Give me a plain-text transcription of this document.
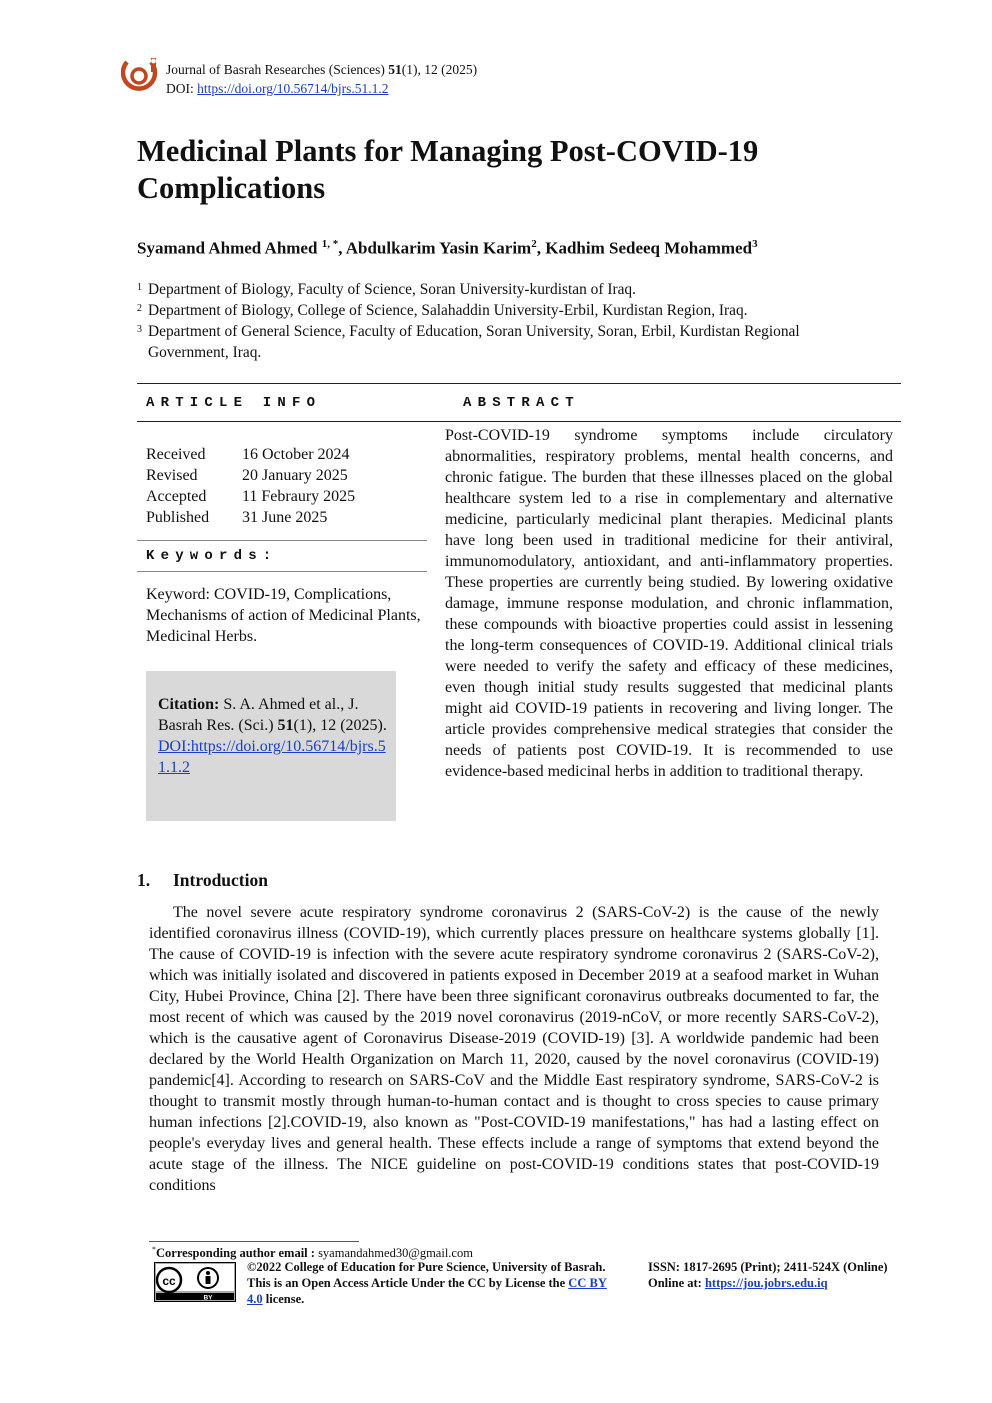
Journal of Basrah Researches (Sciences) 51(1), 12 (2025)
DOI: https://doi.org/10.56714/bjrs.51.1.2
Medicinal Plants for Managing Post-COVID-19 Complications
Syamand Ahmed Ahmed $^{1, *}$, Abdulkarim Yasin Karim$^2$, Kadhim Sedeeq Mohammed$^3$
1 Department of Biology, Faculty of Science, Soran University-kurdistan of Iraq.
2 Department of Biology, College of Science, Salahaddin University-Erbil, Kurdistan Region, Iraq.
3 Department of General Science, Faculty of Education, Soran University, Soran, Erbil, Kurdistan Regional Government, Iraq.
ARTICLE INFO	ABSTRACT
Received	16 October 2024
Revised	20 January 2025
Accepted	11 Febraury 2025
Published	31 June 2025
Keywords:
Keyword: COVID-19, Complications, Mechanisms of action of Medicinal Plants, Medicinal Herbs.
Citation: S. A. Ahmed et al., J. Basrah Res. (Sci.) 51(1), 12 (2025).
DOI:https://doi.org/10.56714/bjrs.51.1.2
Post-COVID-19 syndrome symptoms include circulatory abnormalities, respiratory problems, mental health concerns, and chronic fatigue. The burden that these illnesses placed on the global healthcare system led to a rise in complementary and alternative medicine, particularly medicinal plant therapies. Medicinal plants have long been used in traditional medicine for their antiviral, immunomodulatory, antioxidant, and anti-inflammatory properties. These properties are currently being studied. By lowering oxidative damage, immune response modulation, and chronic inflammation, these compounds with bioactive properties could assist in lessening the long-term consequences of COVID-19. Additional clinical trials were needed to verify the safety and efficacy of these medicines, even though initial study results suggested that medicinal plants might aid COVID-19 patients in recovering and living longer. The article provides comprehensive medical strategies that consider the needs of patients post COVID-19. It is recommended to use evidence-based medicinal herbs in addition to traditional therapy.
1. Introduction
The novel severe acute respiratory syndrome coronavirus 2 (SARS-CoV-2) is the cause of the newly identified coronavirus illness (COVID-19), which currently places pressure on healthcare systems globally [1]. The cause of COVID-19 is infection with the severe acute respiratory syndrome coronavirus 2 (SARS-CoV-2), which was initially isolated and discovered in patients exposed in December 2019 at a seafood market in Wuhan City, Hubei Province, China [2]. There have been three significant coronavirus outbreaks documented to far, the most recent of which was caused by the 2019 novel coronavirus (2019-nCoV, or more recently SARS-CoV-2), which is the causative agent of Coronavirus Disease-2019 (COVID-19) [3]. A worldwide pandemic had been declared by the World Health Organization on March 11, 2020, caused by the novel coronavirus (COVID-19) pandemic[4]. According to research on SARS-CoV and the Middle East respiratory syndrome, SARS-CoV-2 is thought to transmit mostly through human-to-human contact and is thought to cross species to cause primary human infections [2].COVID-19, also known as "Post-COVID-19 manifestations," has had a lasting effect on people's everyday lives and general health. These effects include a range of symptoms that extend beyond the acute stage of the illness. The NICE guideline on post-COVID-19 conditions states that post-COVID-19 conditions
*Corresponding author email : syamandahmed30@gmail.com
cc
BY
©2022 College of Education for Pure Science, University of Basrah. This is an Open Access Article Under the CC by License the CC BY 4.0 license.
ISSN: 1817-2695 (Print); 2411-524X (Online)
Online at: https://jou.jobrs.edu.iq
